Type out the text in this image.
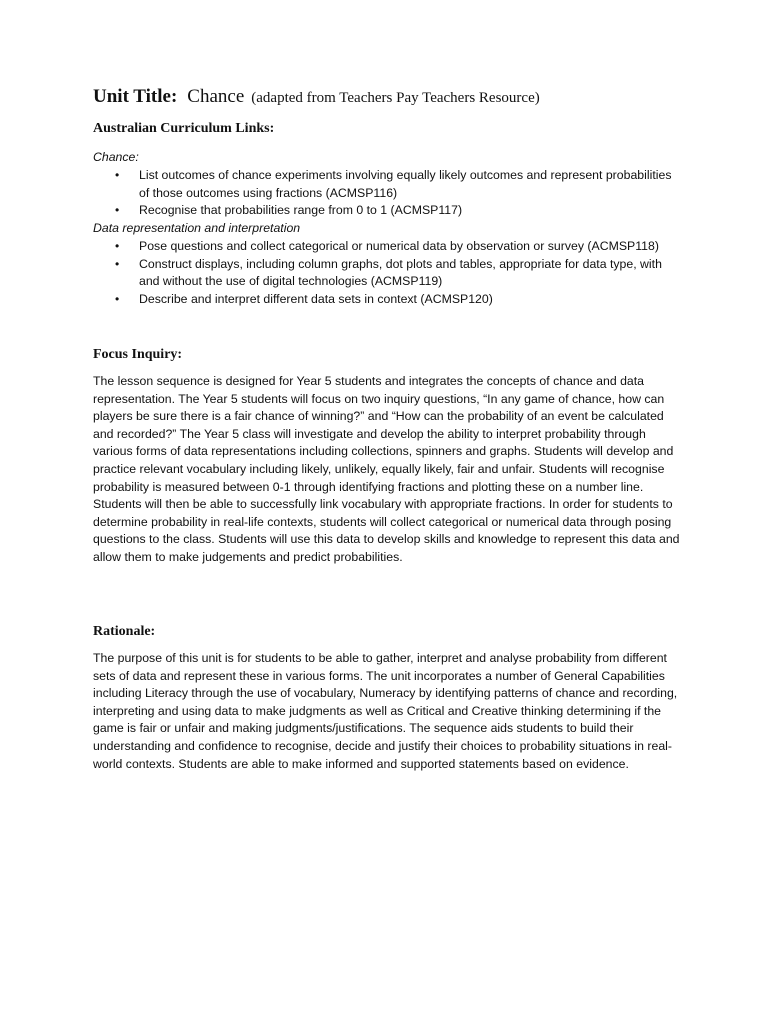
Unit Title: Chance (adapted from Teachers Pay Teachers Resource)
Australian Curriculum Links:

Chance:

• List outcomes of chance experiments involving equally likely outcomes and represent probabilities of those outcomes using fractions (ACMSP116)
• Recognise that probabilities range from 0 to 1 (ACMSP117)

Data representation and interpretation

• Pose questions and collect categorical or numerical data by observation or survey (ACMSP118)
• Construct displays, including column graphs, dot plots and tables, appropriate for data type, with and without the use of digital technologies (ACMSP119)
• Describe and interpret different data sets in context (ACMSP120)
Focus Inquiry:

The lesson sequence is designed for Year 5 students and integrates the concepts of chance and data representation. The Year 5 students will focus on two inquiry questions, “In any game of chance, how can players be sure there is a fair chance of winning?” and “How can the probability of an event be calculated and recorded?” The Year 5 class will investigate and develop the ability to interpret probability through various forms of data representations including collections, spinners and graphs. Students will develop and practice relevant vocabulary including likely, unlikely, equally likely, fair and unfair. Students will recognise probability is measured between 0-1 through identifying fractions and plotting these on a number line. Students will then be able to successfully link vocabulary with appropriate fractions. In order for students to determine probability in real-life contexts, students will collect categorical or numerical data through posing questions to the class. Students will use this data to develop skills and knowledge to represent this data and allow them to make judgements and predict probabilities.

Rationale:

The purpose of this unit is for students to be able to gather, interpret and analyse probability from different sets of data and represent these in various forms. The unit incorporates a number of General Capabilities including Literacy through the use of vocabulary, Numeracy by identifying patterns of chance and recording, interpreting and using data to make judgments as well as Critical and Creative thinking determining if the game is fair or unfair and making judgments/justifications. The sequence aids students to build their understanding and confidence to recognise, decide and justify their choices to probability situations in real-world contexts. Students are able to make informed and supported statements based on evidence.
